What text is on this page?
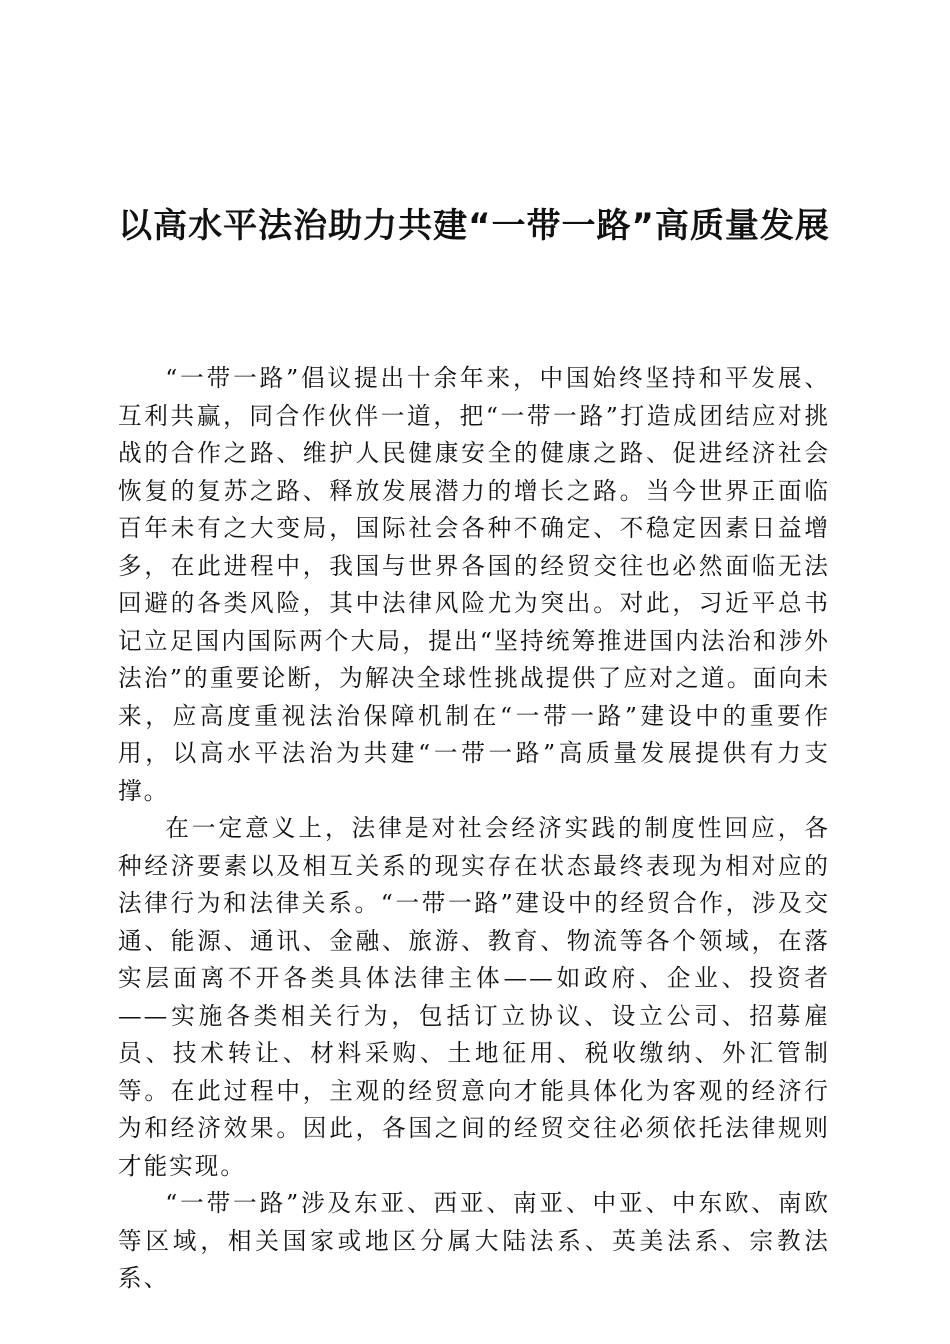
以高水平法治助力共建“一带一路”高质量发展

“一带一路”倡议提出十余年来，中国始终坚持和平发展、互利共赢，同合作伙伴一道，把“一带一路”打造成团结应对挑战的合作之路、维护人民健康安全的健康之路、促进经济社会恢复的复苏之路、释放发展潜力的增长之路。当今世界正面临百年未有之大变局，国际社会各种不确定、不稳定因素日益增多，在此进程中，我国与世界各国的经贸交往也必然面临无法回避的各类风险，其中法律风险尤为突出。对此，习近平总书记立足国内国际两个大局，提出“坚持统筹推进国内法治和涉外法治”的重要论断，为解决全球性挑战提供了应对之道。面向未来，应高度重视法治保障机制在“一带一路”建设中的重要作用，以高水平法治为共建“一带一路”高质量发展提供有力支撑。

在一定意义上，法律是对社会经济实践的制度性回应，各种经济要素以及相互关系的现实存在状态最终表现为相对应的法律行为和法律关系。“一带一路”建设中的经贸合作，涉及交通、能源、通讯、金融、旅游、教育、物流等各个领域，在落实层面离不开各类具体法律主体——如政府、企业、投资者——实施各类相关行为，包括订立协议、设立公司、招募雇员、技术转让、材料采购、土地征用、税收缴纳、外汇管制等。在此过程中，主观的经贸意向才能具体化为客观的经济行为和经济效果。因此，各国之间的经贸交往必须依托法律规则才能实现。

“一带一路”涉及东亚、西亚、南亚、中亚、中东欧、南欧等区域，相关国家或地区分属大陆法系、英美法系、宗教法系、
